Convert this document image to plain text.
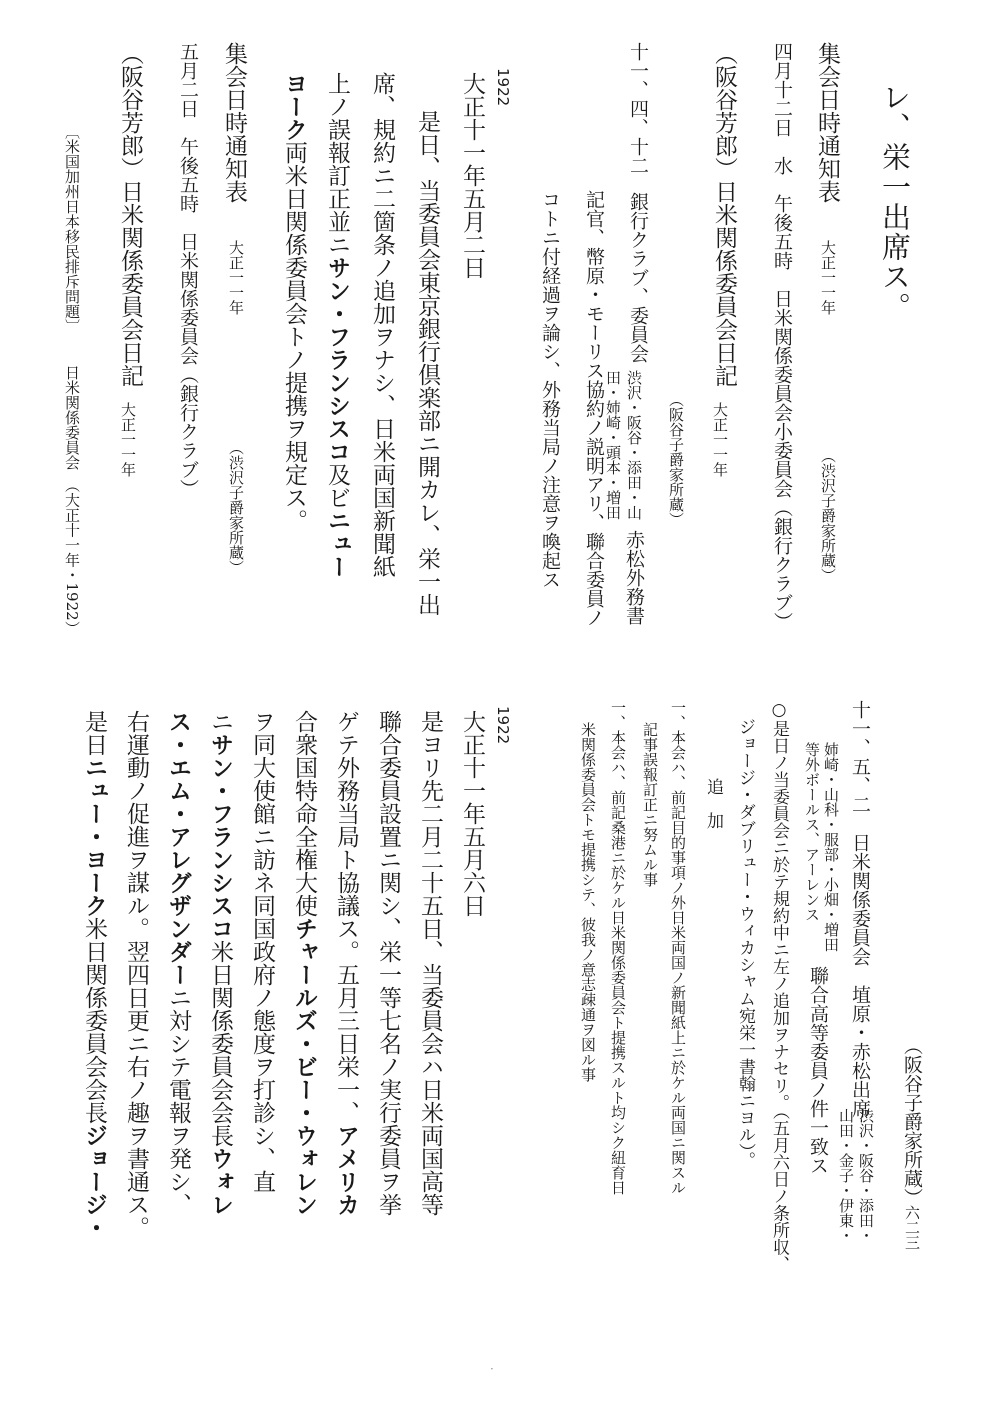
レ、栄一出席ス。
集会日時通知表
大正一一年
（渋沢子爵家所蔵）
四月十二日　水　午後五時　日米関係委員会小委員会（銀行クラブ）
（阪谷芳郎）日米関係委員会日記
大正一一年
（阪谷子爵家所蔵）
十一、四、十二
銀行クラブ、委員会
渋沢・阪谷・添田・山
田・姉崎・頭本・増田
赤松外務書
記官、幣原・モーリス協約ノ説明アリ、聯合委員ノ
コトニ付経過ヲ論シ、外務当局ノ注意ヲ喚起ス
1922
大正十一年五月二日
是日、当委員会東京銀行倶楽部ニ開カレ、栄一出
席、規約ニ二箇条ノ追加ヲナシ、日米両国新聞紙
上ノ誤報訂正並ニサン・フランシスコ及ビニュー
ヨーク両米日関係委員会トノ提携ヲ規定ス。
集会日時通知表
大正一一年
（渋沢子爵家所蔵）
五月二日　午後五時　日米関係委員会（銀行クラブ）
（阪谷芳郎）日米関係委員会日記
大正一一年
〔米国加州日本移民排斥問題〕
日米関係委員会　（大正十一年・1922）
（阪谷子爵家所蔵）
十一、五、二　日米関係委員会　埴原・赤松出席
渋沢・阪谷・添田・
山田・金子・伊東・
姉崎・山科・服部・小畑・増田
等外ボールス、アーレンス
聯合高等委員ノ件一致ス
○是日ノ当委員会ニ於テ規約中ニ左ノ追加ヲナセリ。（五月六日ノ条所収、
ジョージ・ダブリュー・ウィカシャム宛栄一書翰ニヨル）。
追　加
一、本会ハ、前記目的事項ノ外日米両国ノ新聞紙上ニ於ケル両国ニ関スル
記事誤報訂正ニ努ムル事
一、本会ハ、前記桑港ニ於ケル日米関係委員会ト提携スルト均シク紐育日
米関係委員会トモ提携シテ、彼我ノ意志疎通ヲ図ル事
1922
大正十一年五月六日
是ヨリ先二月二十五日、当委員会ハ日米両国高等
聯合委員設置ニ関シ、栄一等七名ノ実行委員ヲ挙
ゲテ外務当局ト協議ス。五月三日栄一、アメリカ
合衆国特命全権大使チャールズ・ビー・ウォレン
ヲ同大使館ニ訪ネ同国政府ノ態度ヲ打診シ、直
ニサン・フランシスコ米日関係委員会会長ウォレ
ス・エム・アレグザンダーニ対シテ電報ヲ発シ、
右運動ノ促進ヲ謀ル。翌四日更ニ右ノ趣ヲ書通ス。
是日ニュー・ヨーク米日関係委員会会長ジョージ・	六二三
·
